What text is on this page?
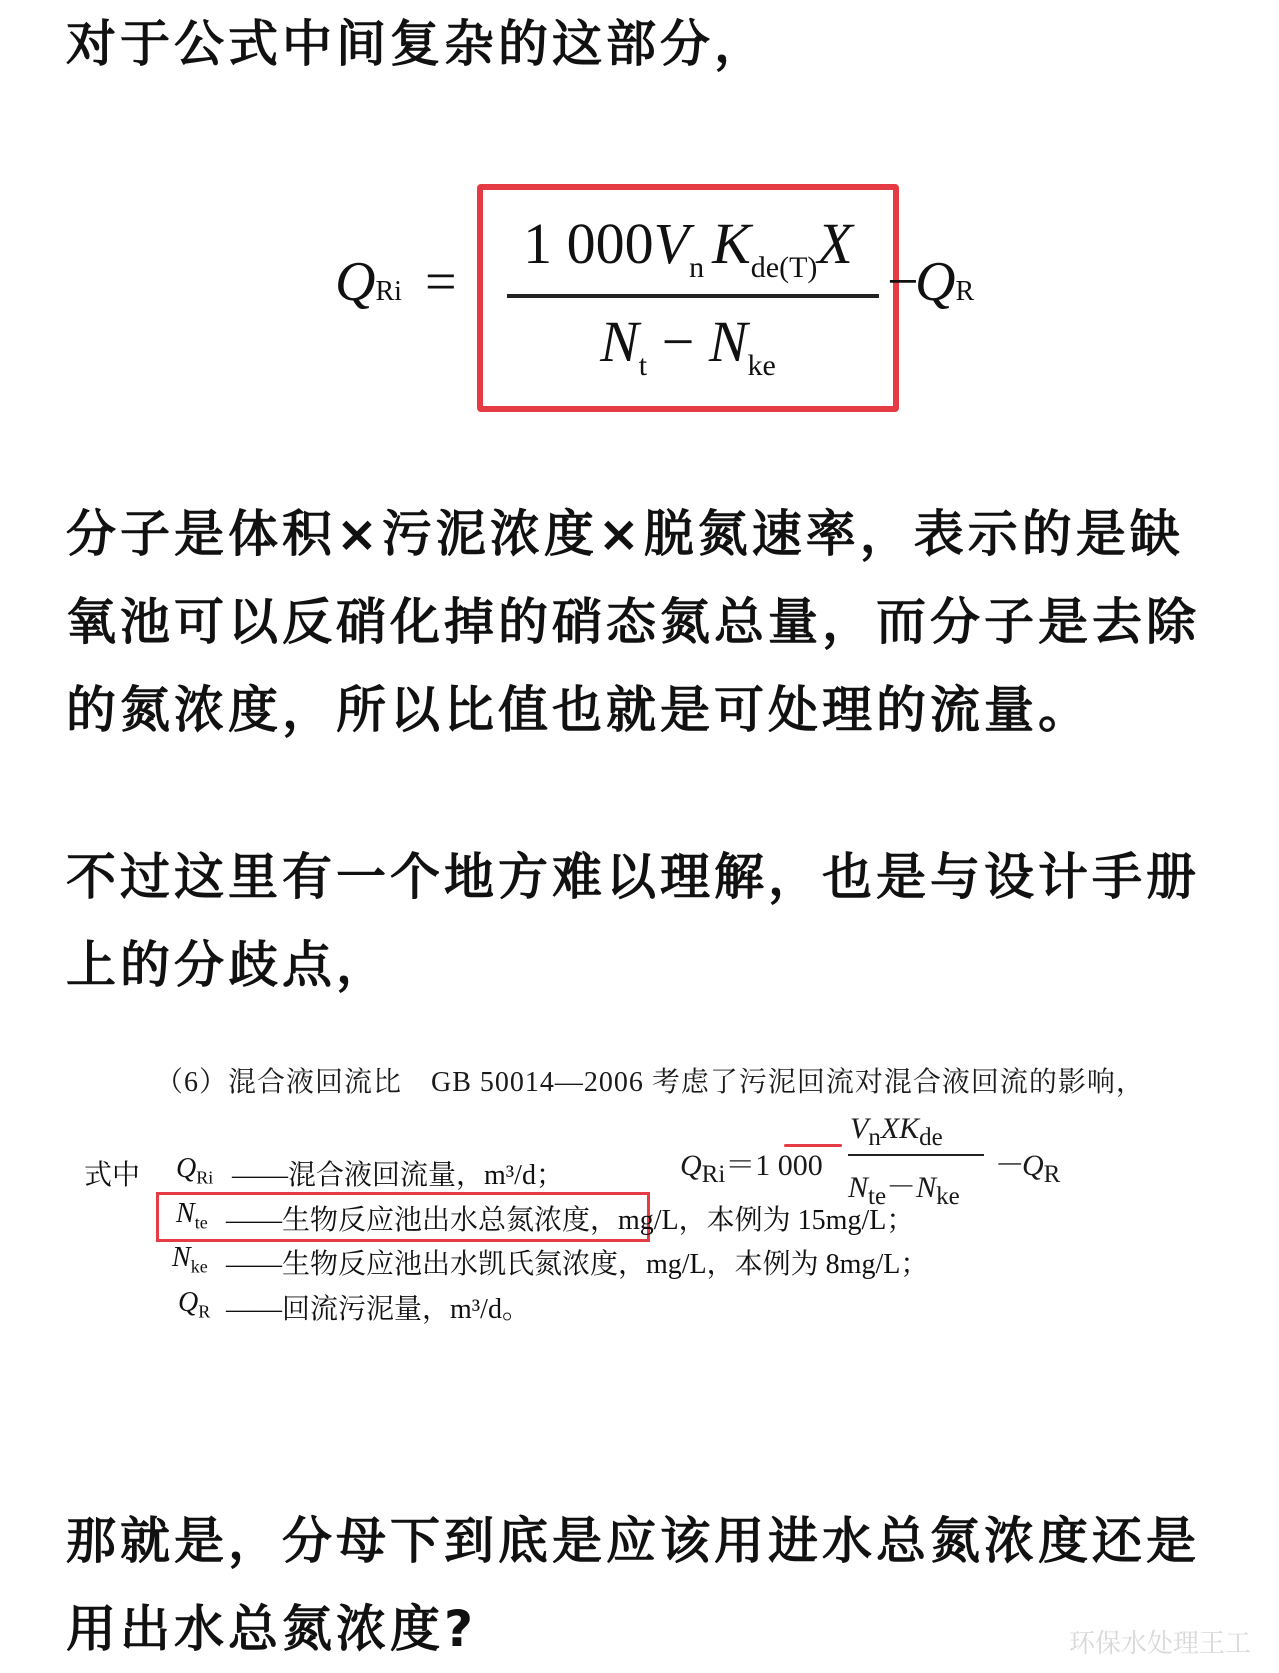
对于公式中间复杂的这部分，

QRi =
1 $000V_n$ $K_{de(T)}X$
$N_t - N_{ke}$
−
QR

分子是体积×污泥浓度×脱氮速率，表示的是缺氧池可以反硝化掉的硝态氮总量，而分子是去除的氮浓度，所以比值也就是可处理的流量。

不过这里有一个地方难以理解，也是与设计手册上的分歧点，

（6）混合液回流比　GB 50014—2006 考虑了污泥回流对混合液回流的影响，
$Q_{Ri}=1$ 000
$V_nXK_{de}$
$N_{te}-N_{ke}$
$-Q_R$
式中 $Q_{Ri}$ ——混合液回流量，m³/d；
$N_{te}$ ——生物反应池出水总氮浓度，mg/L，本例为 15mg/L；
$N_{ke}$ ——生物反应池出水凯氏氮浓度，mg/L，本例为 8mg/L；
$Q_R$ ——回流污泥量，m³/d。

那就是，分母下到底是应该用进水总氮浓度还是用出水总氮浓度?	环保水处理王工
